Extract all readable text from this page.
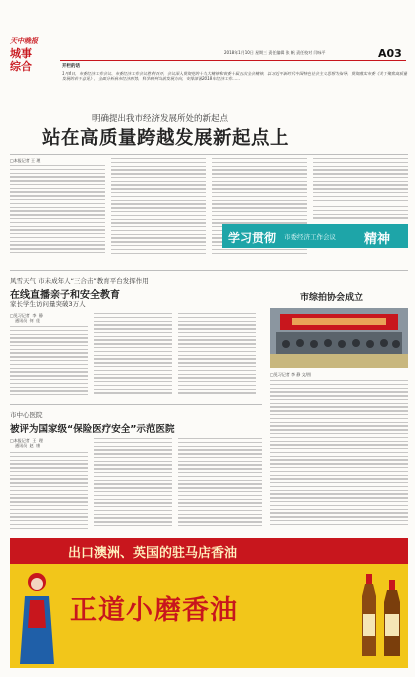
天中晚报
城事
综合
2018年1月10日 星期三 责任编辑 张 帆 责任校对 闫咏平	A03
开栏的话
1月4日，市委经济工作会议、市委经济工作会议胜利召开，会议深入贯彻党的十九大精神和省委十届五次全会精神，以习近平新时代中国特色社会主义思想为指导，贯彻落实市委《关于聚焦高质量发展的若干意见》，全面分析我市经济形势，科学研判当前发展方向，安排部署2018年经济工作……
明确提出我市经济发展所处的新起点
站在高质量跨越发展新起点上
□本报记者 王 理
学习贯彻 市委经济工作会议 精神
风雪天气 市未成年人“三合击”教育平台发挥作用
在线直播亲子和安全教育
家长学生访问量突破3万人
□见习记者  李  静
通讯员  何  佳
市综拍协会成立
□见习记者 李 静 文/图
市中心医院
被评为国家级“保险医疗安全”示范医院
□本报记者  王  理
通讯员  赵  康
出口澳洲、英国的驻马店香油
正道小磨香油
